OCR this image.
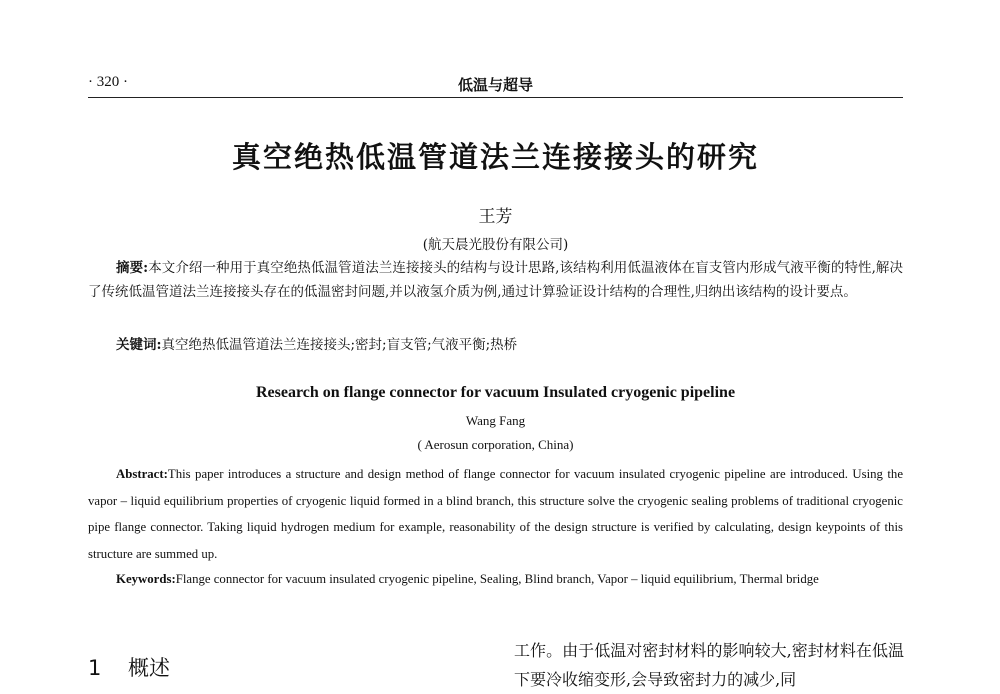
· 320 ·	低温与超导
真空绝热低温管道法兰连接接头的研究
王芳
(航天晨光股份有限公司)
摘要:本文介绍一种用于真空绝热低温管道法兰连接接头的结构与设计思路,该结构利用低温液体在盲支管内形成气液平衡的特性,解决了传统低温管道法兰连接接头存在的低温密封问题,并以液氢介质为例,通过计算验证设计结构的合理性,归纳出该结构的设计要点。
关键词:真空绝热低温管道法兰连接接头;密封;盲支管;气液平衡;热桥
Research on flange connector for vacuum Insulated cryogenic pipeline
Wang Fang
( Aerosun corporation, China)
Abstract:This paper introduces a structure and design method of flange connector for vacuum insulated cryogenic pipeline are introduced. Using the vapor – liquid equilibrium properties of cryogenic liquid formed in a blind branch, this structure solve the cryogenic sealing problems of traditional cryogenic pipe flange connector. Taking liquid hydrogen medium for example, reasonability of the design structure is verified by calculating, design keypoints of this structure are summed up.
Keywords:Flange connector for vacuum insulated cryogenic pipeline, Sealing, Blind branch, Vapor – liquid equilibrium, Thermal bridge
1 概述
工作。由于低温对密封材料的影响较大,密封材料在低温下要冷收缩变形,会导致密封力的减少,同
